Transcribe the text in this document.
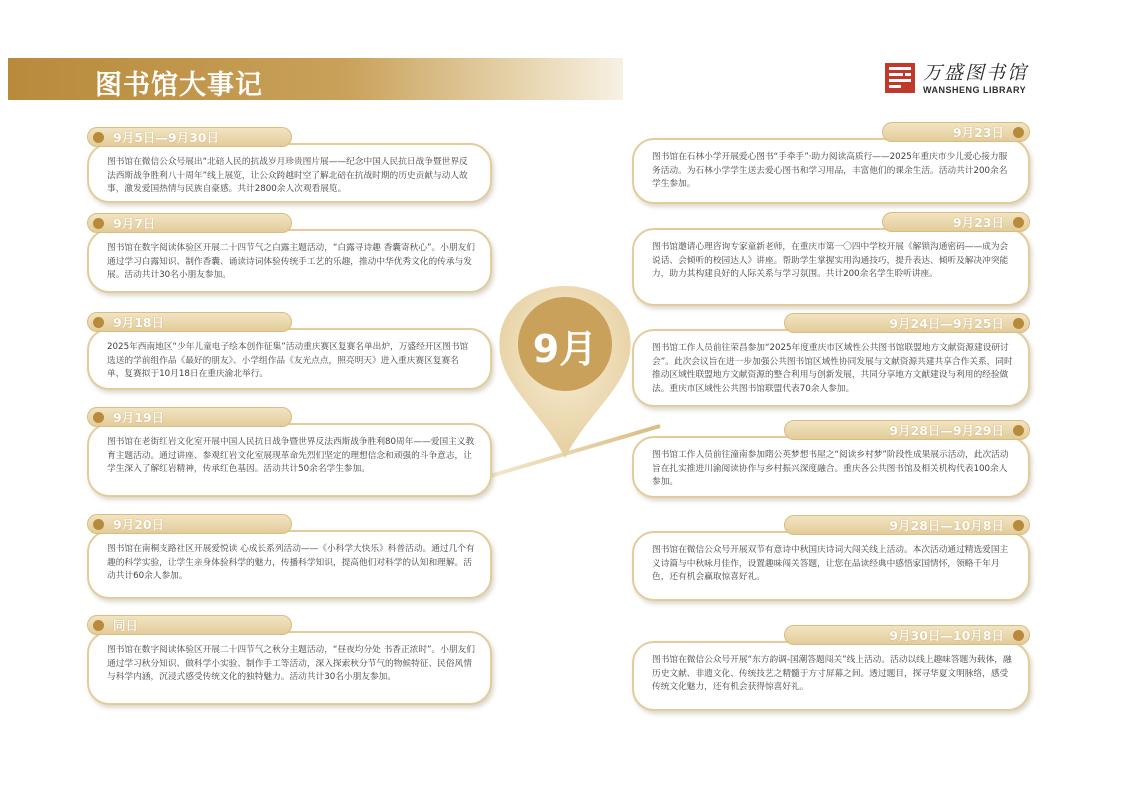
图书馆大事记	万盛图书馆
WANSHENG LIBRARY
9月
9月5日—9月30日
图书馆在微信公众号展出“北碚人民的抗战岁月珍贵图片展——纪念中国人民抗日战争暨世界反法西斯战争胜利八十周年”线上展览，让公众跨越时空了解北碚在抗战时期的历史贡献与动人故事，激发爱国热情与民族自豪感。共计2800余人次观看展览。
9月7日
图书馆在数字阅读体验区开展二十四节气之白露主题活动，“白露寻诗趣 香囊寄秋心”。小朋友们通过学习白露知识、制作香囊、诵读诗词体验传统手工艺的乐趣，推动中华优秀文化的传承与发展。活动共计30名小朋友参加。
9月18日
2025年西南地区“少年儿童电子绘本创作征集”活动重庆赛区复赛名单出炉，万盛经开区图书馆选送的学前组作品《最好的朋友》、小学组作品《友光点点，照亮明天》进入重庆赛区复赛名单，复赛拟于10月18日在重庆渝北举行。
9月19日
图书馆在老街红岩文化室开展中国人民抗日战争暨世界反法西斯战争胜利80周年——爱国主义教育主题活动。通过讲座、参观红岩文化室展现革命先烈们坚定的理想信念和顽强的斗争意志，让学生深入了解红岩精神，传承红色基因。活动共计50余名学生参加。
9月20日
图书馆在南桐支路社区开展爱悦读 心成长系列活动——《小科学大快乐》科普活动。通过几个有趣的科学实验，让学生亲身体验科学的魅力，传播科学知识，提高他们对科学的认知和理解。活动共计60余人参加。
同日
图书馆在数字阅读体验区开展二十四节气之秋分主题活动，“昼夜均分处 书香正浓时”。小朋友们通过学习秋分知识、做科学小实验、制作手工等活动，深入探索秋分节气的物候特征、民俗风情与科学内涵，沉浸式感受传统文化的独特魅力。活动共计30名小朋友参加。
9月23日
图书馆在石林小学开展爱心图书“手牵手”·助力阅读高质行——2025年重庆市少儿爱心接力服务活动。为石林小学学生送去爱心图书和学习用品，丰富他们的课余生活。活动共计200余名学生参加。
9月23日
图书馆邀请心理咨询专家童新老师，在重庆市第一〇四中学校开展《解锁沟通密码——成为会说话、会倾听的校园达人》讲座。帮助学生掌握实用沟通技巧，提升表达、倾听及解决冲突能力，助力其构建良好的人际关系与学习氛围。共计200余名学生聆听讲座。
9月24日—9月25日
图书馆工作人员前往荣昌参加“2025年度重庆市区域性公共图书馆联盟地方文献资源建设研讨会”。此次会议旨在进一步加强公共图书馆区域性协同发展与文献资源共建共享合作关系，同时推动区域性联盟地方文献资源的整合利用与创新发展，共同分享地方文献建设与利用的经验做法。重庆市区域性公共图书馆联盟代表70余人参加。
9月28日—9月29日
图书馆工作人员前往潼南参加隋公英梦想书屋之“阅读乡村梦”阶段性成果展示活动，此次活动旨在扎实推进川渝阅读协作与乡村振兴深度融合。重庆各公共图书馆及相关机构代表100余人参加。
9月28日—10月8日
图书馆在微信公众号开展双节有意诗中秋国庆诗词大闯关线上活动。本次活动通过精选爱国主义诗篇与中秋咏月佳作，设置趣味闯关答题，让您在品读经典中感悟家国情怀，领略千年月色，还有机会赢取惊喜好礼。
9月30日—10月8日
图书馆在微信公众号开展“东方韵调-国潮答题闯关”线上活动。活动以线上趣味答题为载体，融历史文献、非遗文化、传统技艺之精髓于方寸屏幕之间。透过题目，探寻华夏文明脉络，感受传统文化魅力，还有机会获得惊喜好礼。
